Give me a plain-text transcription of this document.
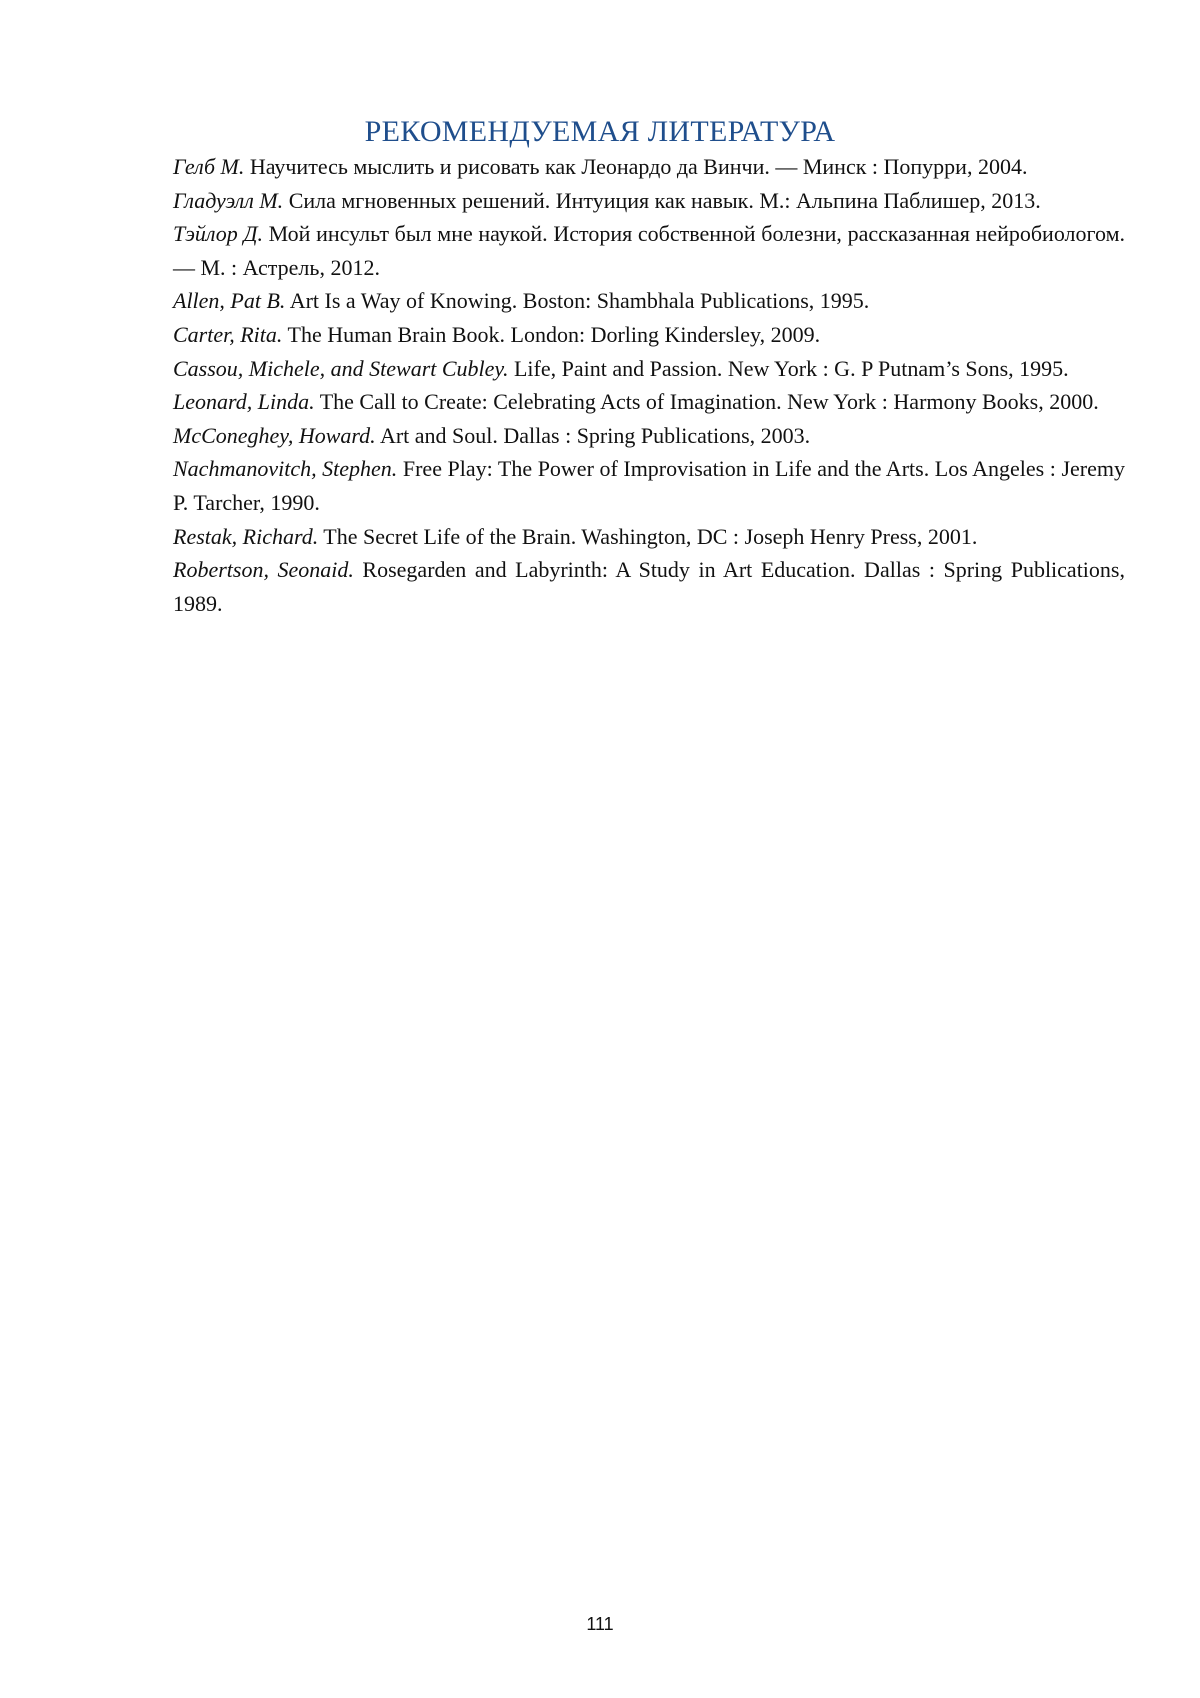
РЕКОМЕНДУЕМАЯ ЛИТЕРАТУРА

Гелб М. Научитесь мыслить и рисовать как Леонардо да Винчи. — Минск : Попурри, 2004.

Гладуэлл М. Сила мгновенных решений. Интуиция как навык. М.: Альпина Паблишер, 2013.

Тэйлор Д. Мой инсульт был мне наукой. История собственной болезни, рассказанная нейробиологом. — М. : Астрель, 2012.

Allen, Pat B. Art Is a Way of Knowing. Boston: Shambhala Publications, 1995.

Carter, Rita. The Human Brain Book. London: Dorling Kindersley, 2009.

Cassou, Michele, and Stewart Cubley. Life, Paint and Passion. New York : G. P Putnam’s Sons, 1995.

Leonard, Linda. The Call to Create: Celebrating Acts of Imagination. New York : Harmony Books, 2000.

McConeghey, Howard. Art and Soul. Dallas : Spring Publications, 2003.

Nachmanovitch, Stephen. Free Play: The Power of Improvisation in Life and the Arts. Los Angeles : Jeremy P. Tarcher, 1990.

Restak, Richard. The Secret Life of the Brain. Washington, DC : Joseph Henry Press, 2001.

Robertson, Seonaid. Rosegarden and Labyrinth: A Study in Art Education. Dallas : Spring Publications, 1989.

111
